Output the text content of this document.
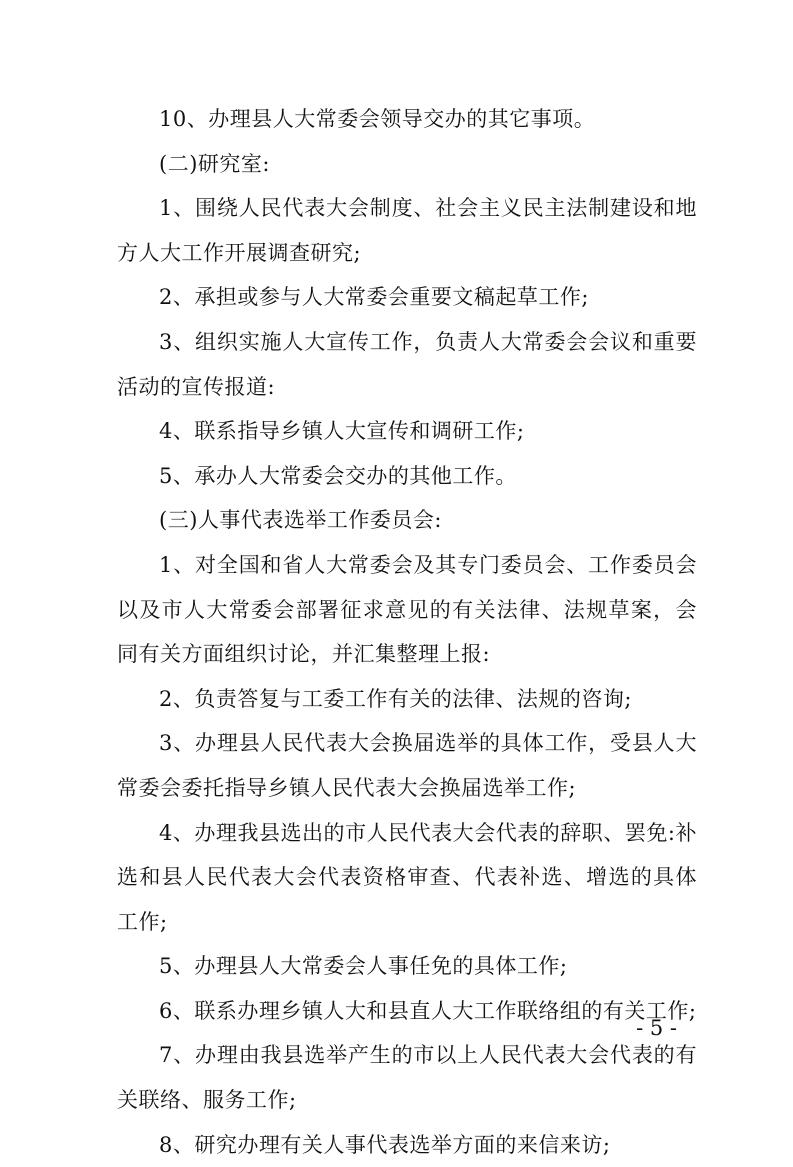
10、办理县人大常委会领导交办的其它事项。

(二)研究室:

1、围绕人民代表大会制度、社会主义民主法制建设和地方人大工作开展调查研究;

2、承担或参与人大常委会重要文稿起草工作;

3、组织实施人大宣传工作，负责人大常委会会议和重要活动的宣传报道:

4、联系指导乡镇人大宣传和调研工作;

5、承办人大常委会交办的其他工作。

(三)人事代表选举工作委员会:

1、对全国和省人大常委会及其专门委员会、工作委员会以及市人大常委会部署征求意见的有关法律、法规草案，会同有关方面组织讨论，并汇集整理上报:

2、负责答复与工委工作有关的法律、法规的咨询;

3、办理县人民代表大会换届选举的具体工作，受县人大常委会委托指导乡镇人民代表大会换届选举工作;

4、办理我县选出的市人民代表大会代表的辞职、罢免:补选和县人民代表大会代表资格审查、代表补选、增选的具体工作;

5、办理县人大常委会人事任免的具体工作;

6、联系办理乡镇人大和县直人大工作联络组的有关工作;

7、办理由我县选举产生的市以上人民代表大会代表的有关联络、服务工作;

8、研究办理有关人事代表选举方面的来信来访;

- 5 -
